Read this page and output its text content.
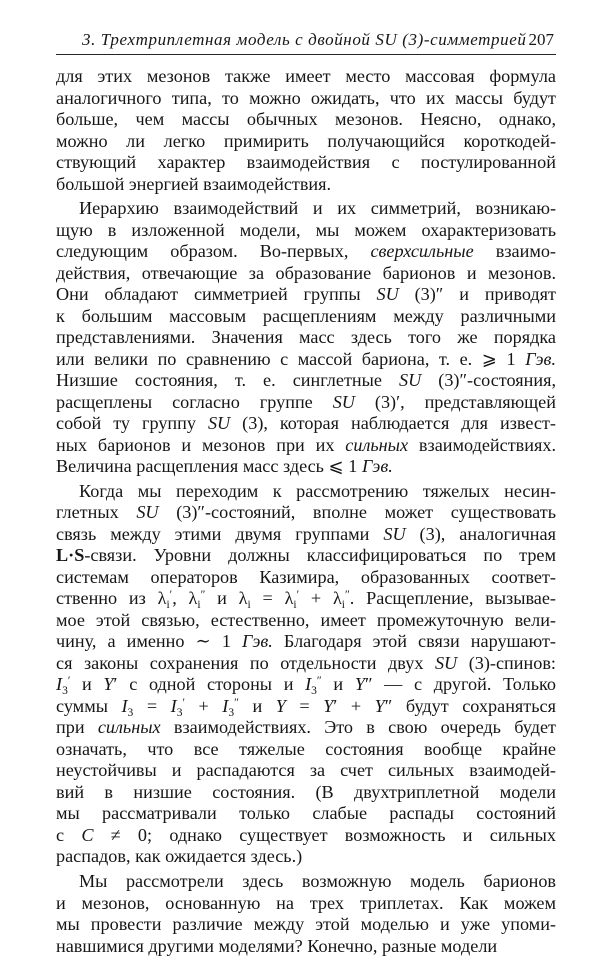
3. Трехтриплетная модель с двойной SU (3)-симметрией 207
для этих мезонов также имеет место массовая формула
аналогичного типа, то можно ожидать, что их массы будут
больше, чем массы обычных мезонов. Неясно, однако,
можно ли легко примирить получающийся короткодей-
ствующий характер взаимодействия с постулированной
большой энергией взаимодействия.
Иерархию взаимодействий и их симметрий, возникаю-
щую в изложенной модели, мы можем охарактеризовать
следующим образом. Во-первых, сверхсильные взаимо-
действия, отвечающие за образование барионов и мезонов.
Они обладают симметрией группы SU (3)″ и приводят
к большим массовым расщеплениям между различными
представлениями. Значения масс здесь того же порядка
или велики по сравнению с массой бариона, т. е. ⩾ 1 Гэв.
Низшие состояния, т. е. синглетные SU (3)″-состояния,
расщеплены согласно группе SU (3)′, представляющей
собой ту группу SU (3), которая наблюдается для извест-
ных барионов и мезонов при их сильных взаимодействиях.
Величина расщепления масс здесь ⩽ 1 Гэв.
Когда мы переходим к рассмотрению тяжелых несин-
глетных SU (3)″-состояний, вполне может существовать
связь между этими двумя группами SU (3), аналогичная
L·S-связи. Уровни должны классифицироваться по трем
системам операторов Казимира, образованных соответ-
ственно из $\lambda_i'$, $\lambda_i''$ и $\lambda_i = \lambda_i' + \lambda_i''$. Расщепление, вызывае-
мое этой связью, естественно, имеет промежуточную вели-
чину, а именно ∼ 1 Гэв. Благодаря этой связи нарушают-
ся законы сохранения по отдельности двух SU (3)-спинов:
$I_3'$ и Y′ с одной стороны и $I_3''$ и Y″ — с другой. Только
суммы $I_3 = I_3' + I_3''$ и Y = Y′ + Y″ будут сохраняться
при сильных взаимодействиях. Это в свою очередь будет
означать, что все тяжелые состояния вообще крайне
неустойчивы и распадаются за счет сильных взаимодей-
вий в низшие состояния. (В двухтриплетной модели
мы рассматривали только слабые распады состояний
с C ≠ 0; однако существует возможность и сильных
распадов, как ожидается здесь.)
Мы рассмотрели здесь возможную модель барионов
и мезонов, основанную на трех триплетах. Как можем
мы провести различие между этой моделью и уже упоми-
навшимися другими моделями? Конечно, разные модели
